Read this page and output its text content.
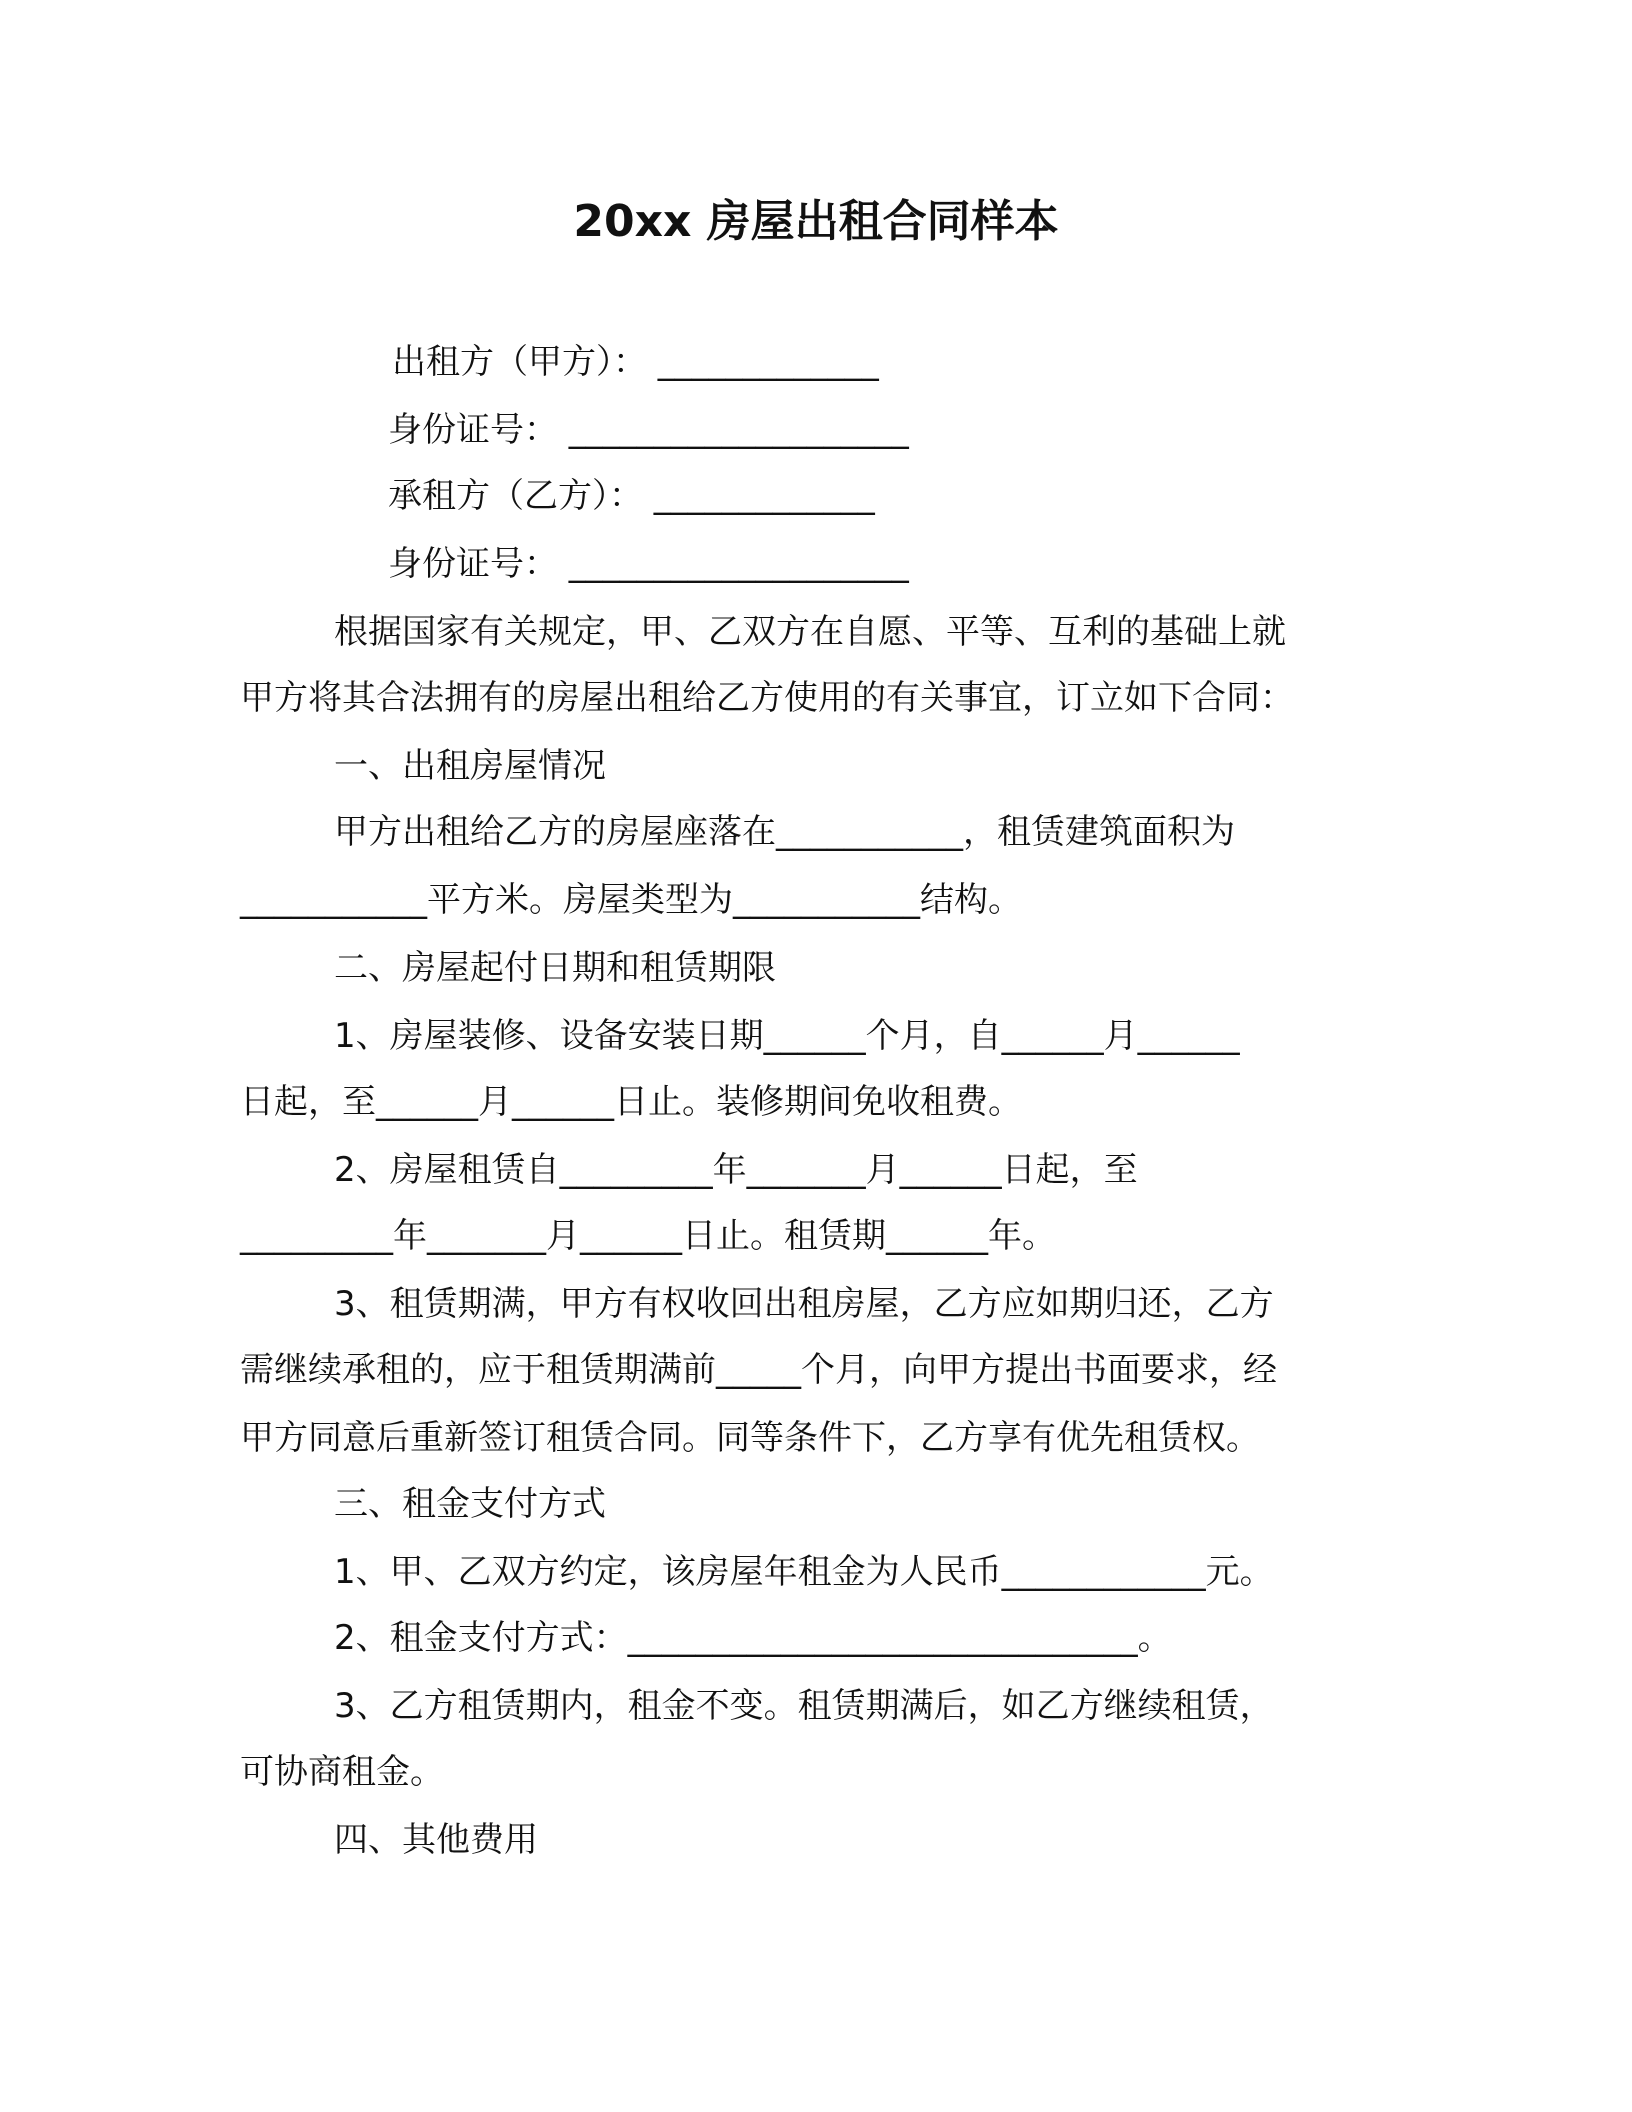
20xx 房屋出租合同样本
出租方（甲方）： _____________
身份证号： ____________________
承租方（乙方）： _____________
身份证号： ____________________
根据国家有关规定，甲、乙双方在自愿、平等、互利的基础上就
甲方将其合法拥有的房屋出租给乙方使用的有关事宜，订立如下合同：
一、出租房屋情况
甲方出租给乙方的房屋座落在___________，租赁建筑面积为
___________平方米。房屋类型为___________结构。
二、房屋起付日期和租赁期限
1、房屋装修、设备安装日期______个月，自______月______
日起，至______月______日止。装修期间免收租费。
2、房屋租赁自_________年_______月______日起，至
_________年_______月______日止。租赁期______年。
3、租赁期满，甲方有权收回出租房屋，乙方应如期归还，乙方
需继续承租的，应于租赁期满前_____个月，向甲方提出书面要求，经
甲方同意后重新签订租赁合同。同等条件下，乙方享有优先租赁权。
三、租金支付方式
1、甲、乙双方约定，该房屋年租金为人民币____________元。
2、租金支付方式：______________________________。
3、乙方租赁期内，租金不变。租赁期满后，如乙方继续租赁，
可协商租金。
四、其他费用
